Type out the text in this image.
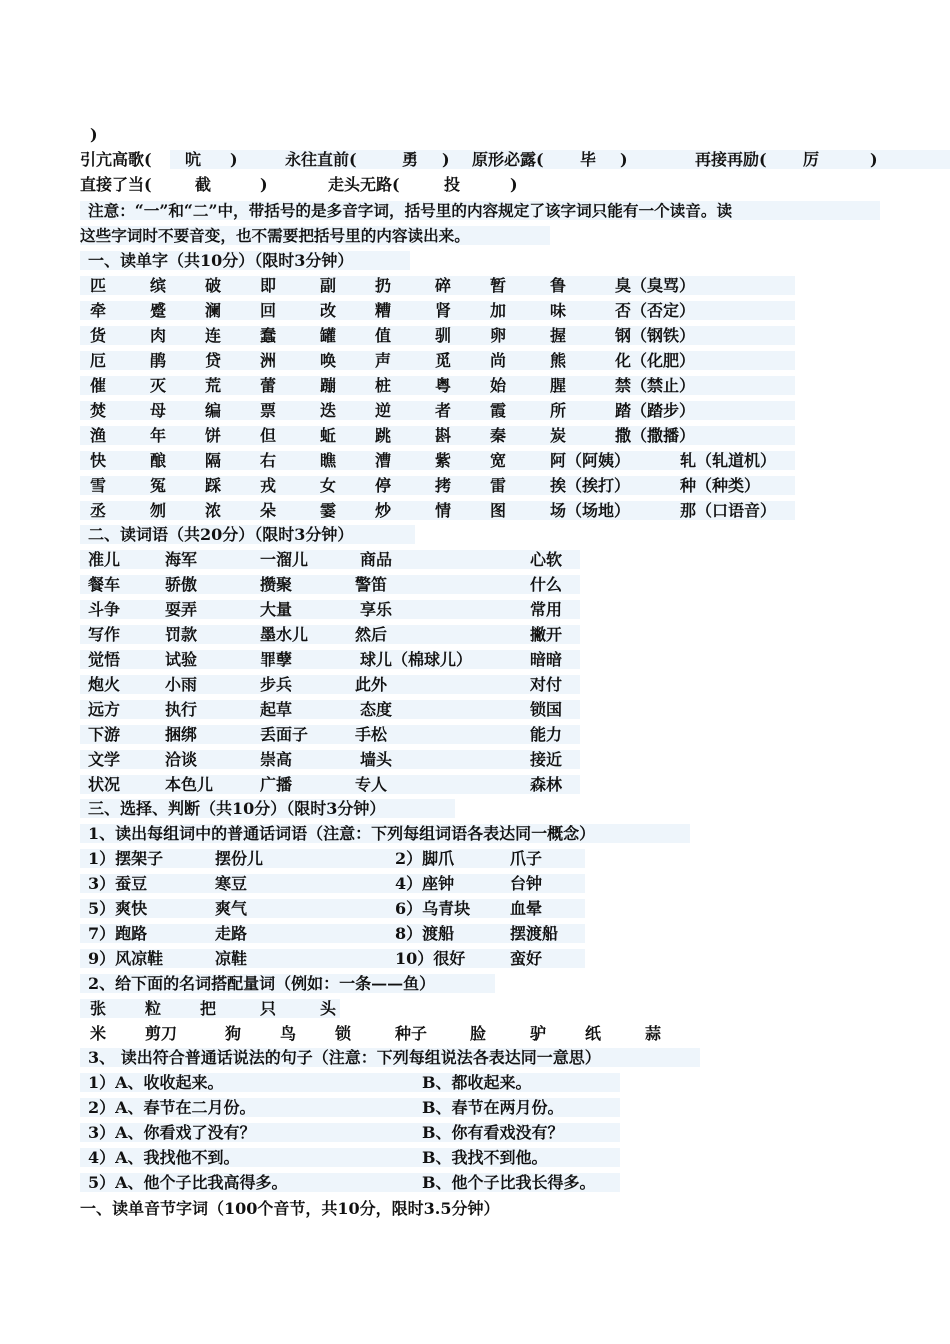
)
引亢高歌( 吭 )	永往直前(	勇 ) 原形必露( 毕 )	再接再励( 厉	)
直接了当(	截	)	走头无路(	投	)
注意：“一”和“二”中，带括号的是多音字词，括号里的内容规定了该字词只能有一个读音。读
这些字词时不要音变，也不需要把括号里的内容读出来。
一、读单字（共10分）（限时3分钟）
匹	缤 破 即	副 扔	碎 暂	鲁	臭（臭骂）
牵	蹙 澜 回	改 糟	肾 加	味	否（否定）
货	肉 连 蠢	罐 值	驯 卵	握	钢（钢铁）
厄	鹃 贷 洲	唤 声	觅 尚	熊	化（化肥）
催	灭 荒 蕾	蹦 桩	粤 始	腥	禁（禁止）
焚	母 编 票	迭 逆	者 霞	所	踏（踏步）
渔	年 饼 但	蚯 跳	斟 秦	炭	撒（撒播）
快	酿 隔 右	瞧 漕	紫 宽	阿（阿姨）	轧（轧道机）
雪	冤 踩 戎	女 停	拷 雷	挨（挨打）	种（种类）
丞	刎 浓 朵	霎 炒	情 图	场（场地）	那（口语音）
二、读词语（共20分）（限时3分钟）
准儿	海军	一溜儿	商品	心软
餐车	骄傲	攒聚	警笛	什么
斗争	耍弄	大量	享乐	常用
写作	罚款	墨水儿	然后	撇开
觉悟	试验	罪孽	球儿（棉球儿）	暗暗
炮火	小雨	步兵	此外	对付
远方	执行	起草	态度	锁国
下游	捆绑	丢面子	手松	能力
文学	洽谈	崇高	墙头	接近
状况	本色儿	广播	专人	森林
三、选择、判断（共10分）（限时3分钟）
1、读出每组词中的普通话词语（注意：下列每组词语各表达同一概念）
1）摆架子	摆份儿	2）脚爪	爪子
3）蚕豆	寒豆	4）座钟	台钟
5）爽快	爽气	6）乌青块 血晕
7）跑路	走路	8）渡船	摆渡船
9）风凉鞋	凉鞋	10）很好	蛮好
2、给下面的名词搭配量词（例如：一条——鱼）
张 粒 把	只	头
米 剪刀	狗 鸟 锁	种子	脸	驴 纸	蒜
3、 读出符合普通话说法的句子（注意：下列每组说法各表达同一意思）
1）A、收收起来。	B、都收起来。
2）A、春节在二月份。	B、春节在两月份。
3）A、你看戏了没有？	B、你有看戏没有？
4）A、我找他不到。	B、我找不到他。
5）A、他个子比我高得多。	B、他个子比我长得多。
一、读单音节字词（100个音节，共10分，限时3.5分钟）
